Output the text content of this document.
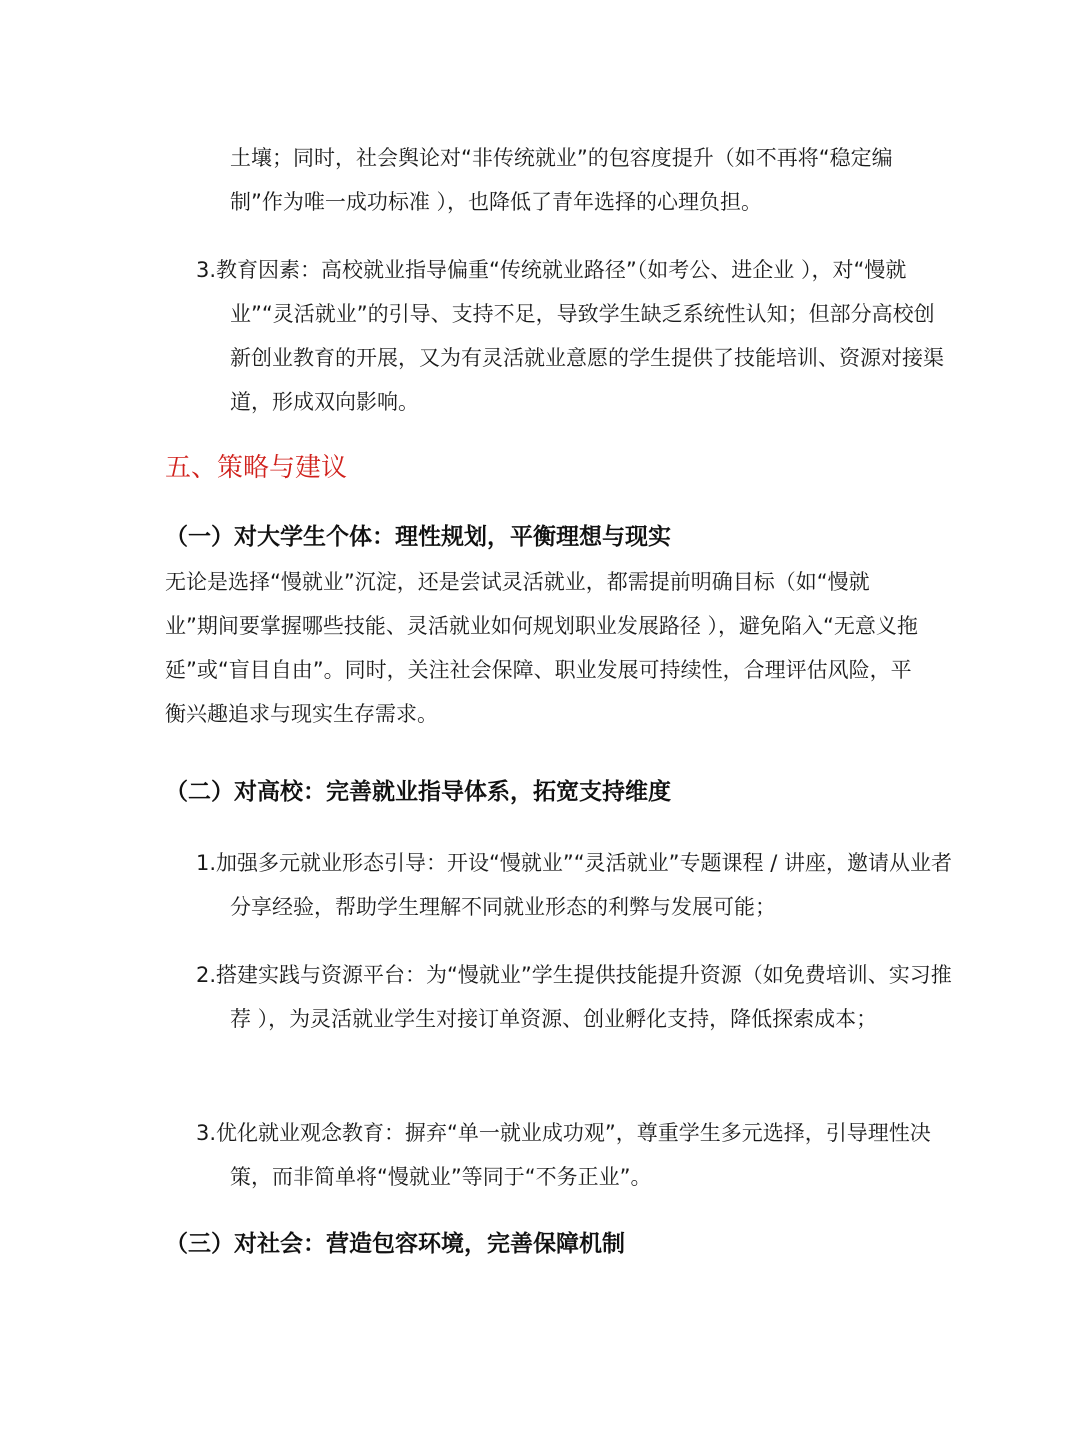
土壤；同时，社会舆论对“非传统就业”的包容度提升（如不再将“稳定编制”作为唯一成功标准 ），也降低了青年选择的心理负担。

3.教育因素：高校就业指导偏重“传统就业路径”（如考公、进企业 ），对“慢就业”“灵活就业”的引导、支持不足，导致学生缺乏系统性认知；但部分高校创新创业教育的开展，又为有灵活就业意愿的学生提供了技能培训、资源对接渠道，形成双向影响。

五、策略与建议
（一）对大学生个体：理性规划，平衡理想与现实

无论是选择“慢就业”沉淀，还是尝试灵活就业，都需提前明确目标（如“慢就业”期间要掌握哪些技能、灵活就业如何规划职业发展路径 ），避免陷入“无意义拖延”或“盲目自由”。同时，关注社会保障、职业发展可持续性，合理评估风险，平衡兴趣追求与现实生存需求。

（二）对高校：完善就业指导体系，拓宽支持维度

1.加强多元就业形态引导：开设“慢就业”“灵活就业”专题课程 / 讲座，邀请从业者分享经验，帮助学生理解不同就业形态的利弊与发展可能；

2.搭建实践与资源平台：为“慢就业”学生提供技能提升资源（如免费培训、实习推荐 ），为灵活就业学生对接订单资源、创业孵化支持，降低探索成本；

3.优化就业观念教育：摒弃“单一就业成功观”，尊重学生多元选择，引导理性决策，而非简单将“慢就业”等同于“不务正业”。

（三）对社会：营造包容环境，完善保障机制
